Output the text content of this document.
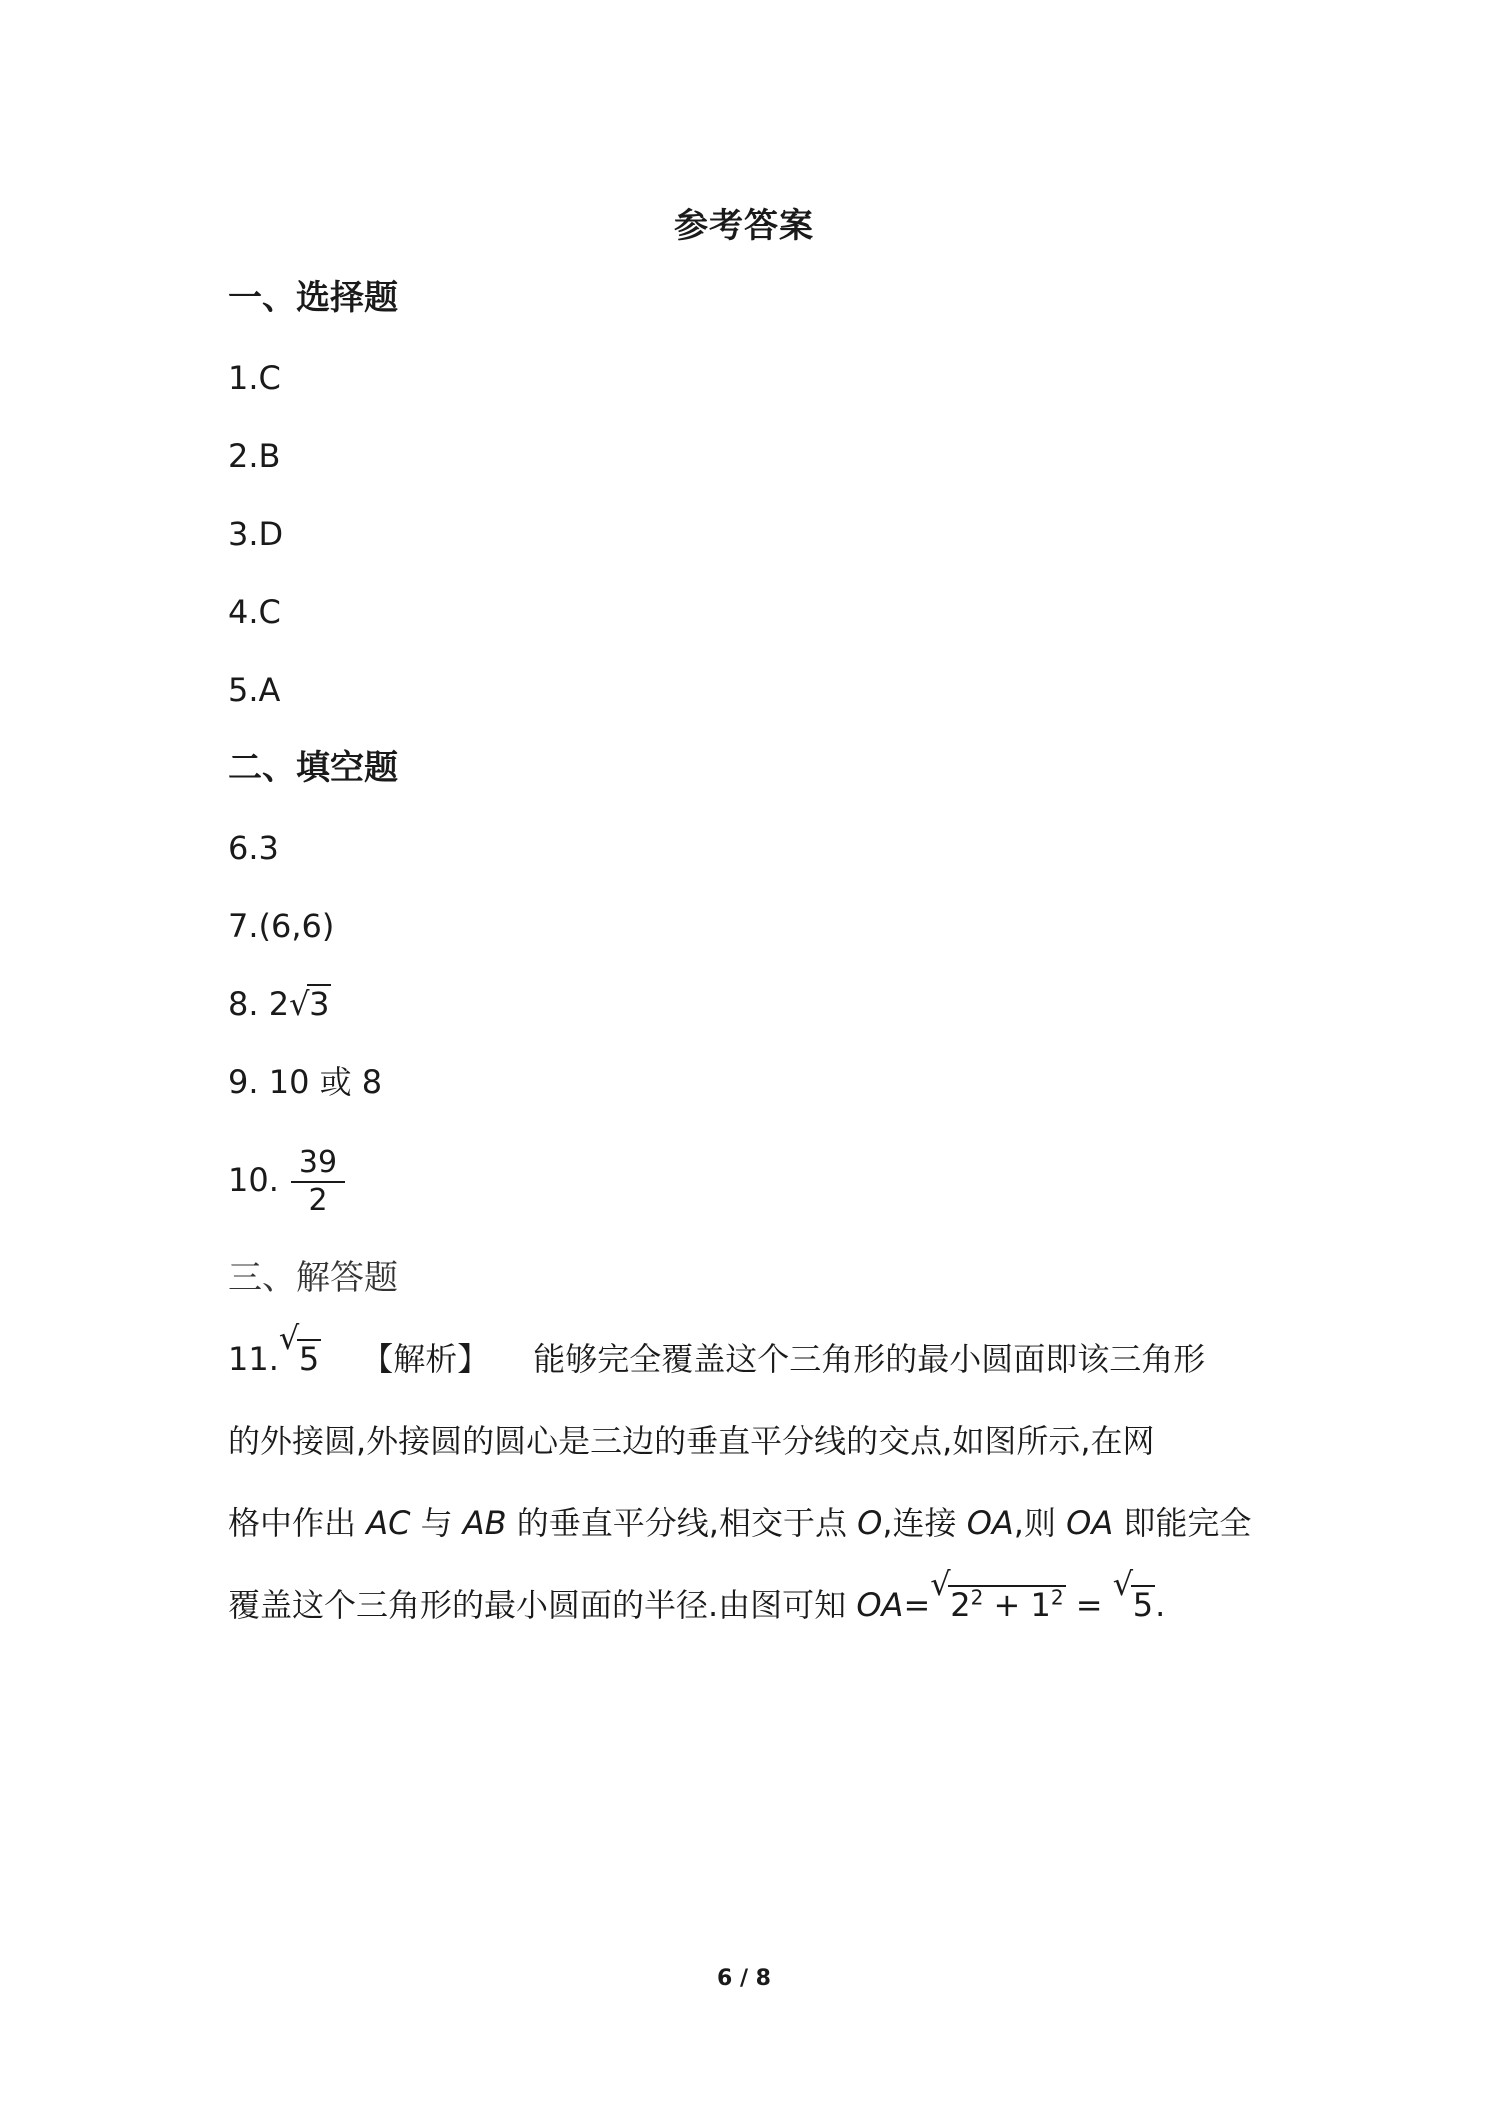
参考答案
一、选择题
1.C
2.B
3.D
4.C
5.A
二、填空题
6.3
7.(6,6)
8. 2 √ 3
9. 10 或 8
10. $\frac{39}{2}$
三、解答题
11.
√
5 【解析】 能够完全覆盖这个三角形的最小圆面即该三角形
的外接圆,外接圆的圆心是三边的垂直平分线的交点,如图所示,在网
格中作出 AC 与 AB 的垂直平分线,相交于点 O,连接 OA,则 OA 即能完全
覆盖这个三角形的最小圆面的半径.由图可知 OA=
√
$2^2 + 1^2$ =
√
5.
6 / 8
